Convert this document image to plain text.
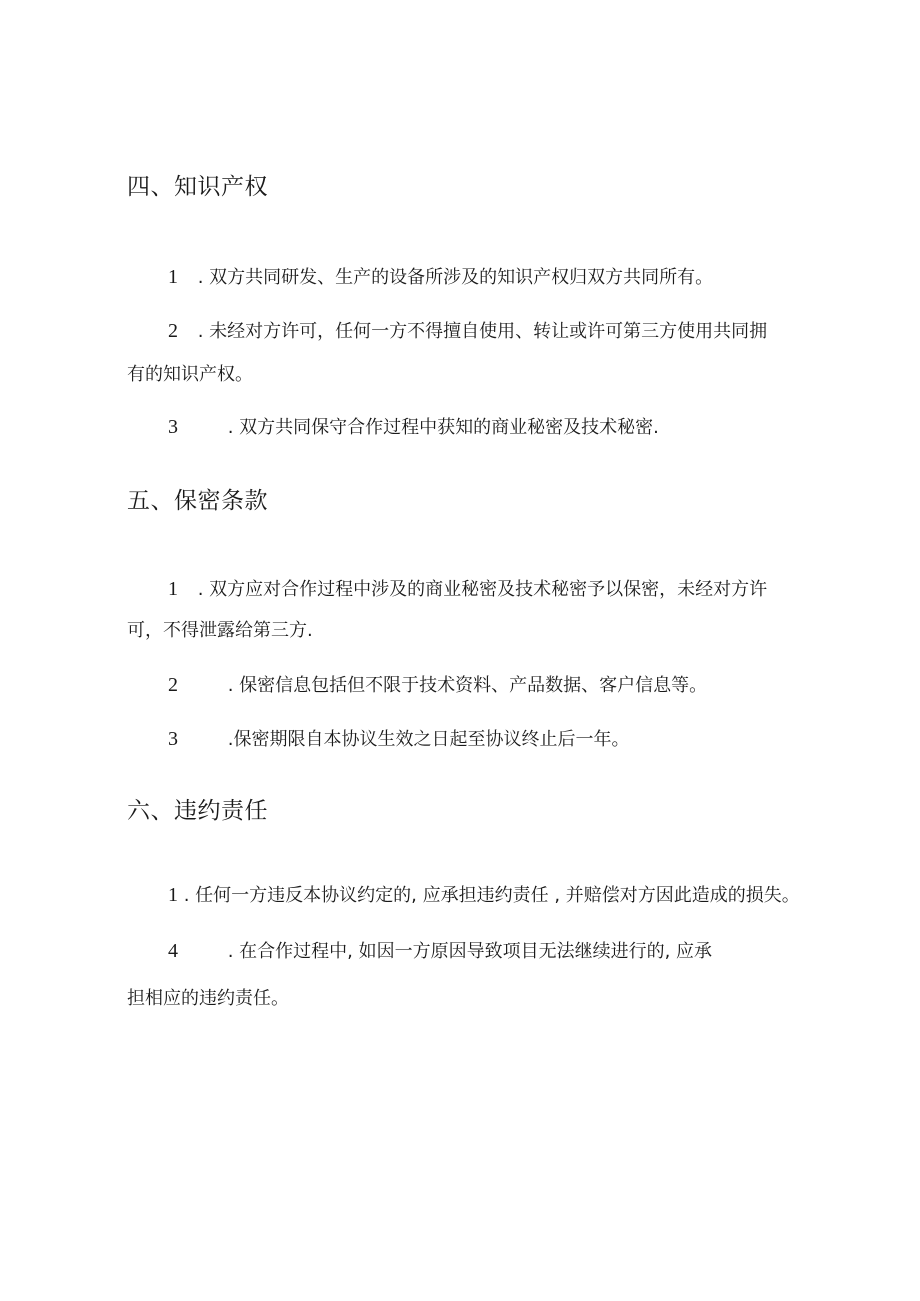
四、知识产权
1 . 双方共同研发、生产的设备所涉及的知识产权归双方共同所有。
2 . 未经对方许可，任何一方不得擅自使用、转让或许可第三方使用共同拥
有的知识产权。
3	. 双方共同保守合作过程中获知的商业秘密及技术秘密.
五、保密条款
1 . 双方应对合作过程中涉及的商业秘密及技术秘密予以保密，未经对方许
可，不得泄露给第三方.
2	. 保密信息包括但不限于技术资料、产品数据、客户信息等。
3	.保密期限自本协议生效之日起至协议终止后一年。
六、违约责任
1 . 任何一方违反本协议约定的, 应承担违约责任 , 并赔偿对方因此造成的损失。
4	. 在合作过程中, 如因一方原因导致项目无法继续进行的, 应承
担相应的违约责任。
